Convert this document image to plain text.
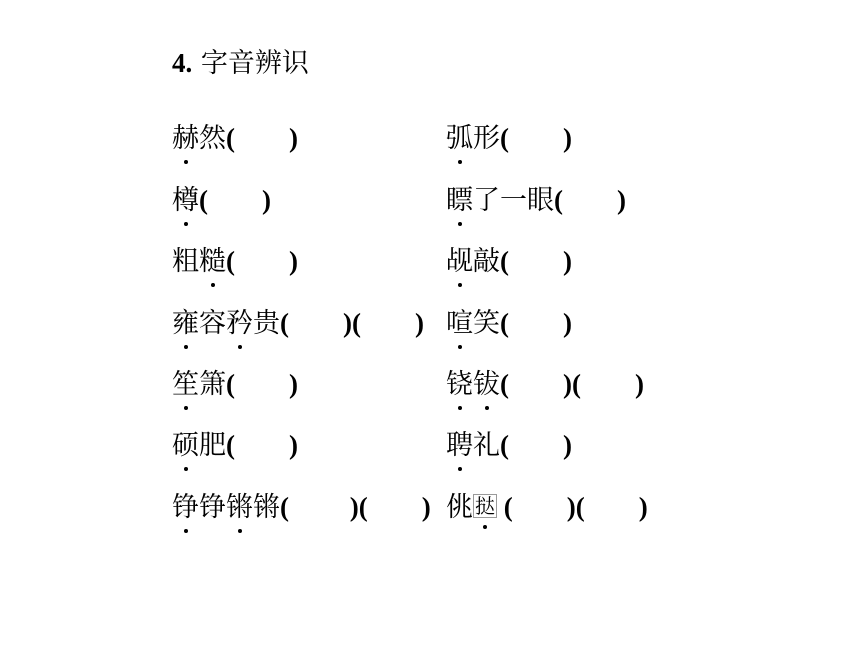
4. 字音辨识
赫然(　　)
樽(　　)
粗糙(　　)
雍容矜贵(　　)(　　)
笙箫(　　)
硕肥(　　)
铮铮锵锵(　　 )(　　)
弧形(　　)
瞟了一眼(　　)
觇敲(　　)
喧笑(　　)
铙钹(　　)(　　)
聘礼(　　)
佻 挞 (　　)(　　)
